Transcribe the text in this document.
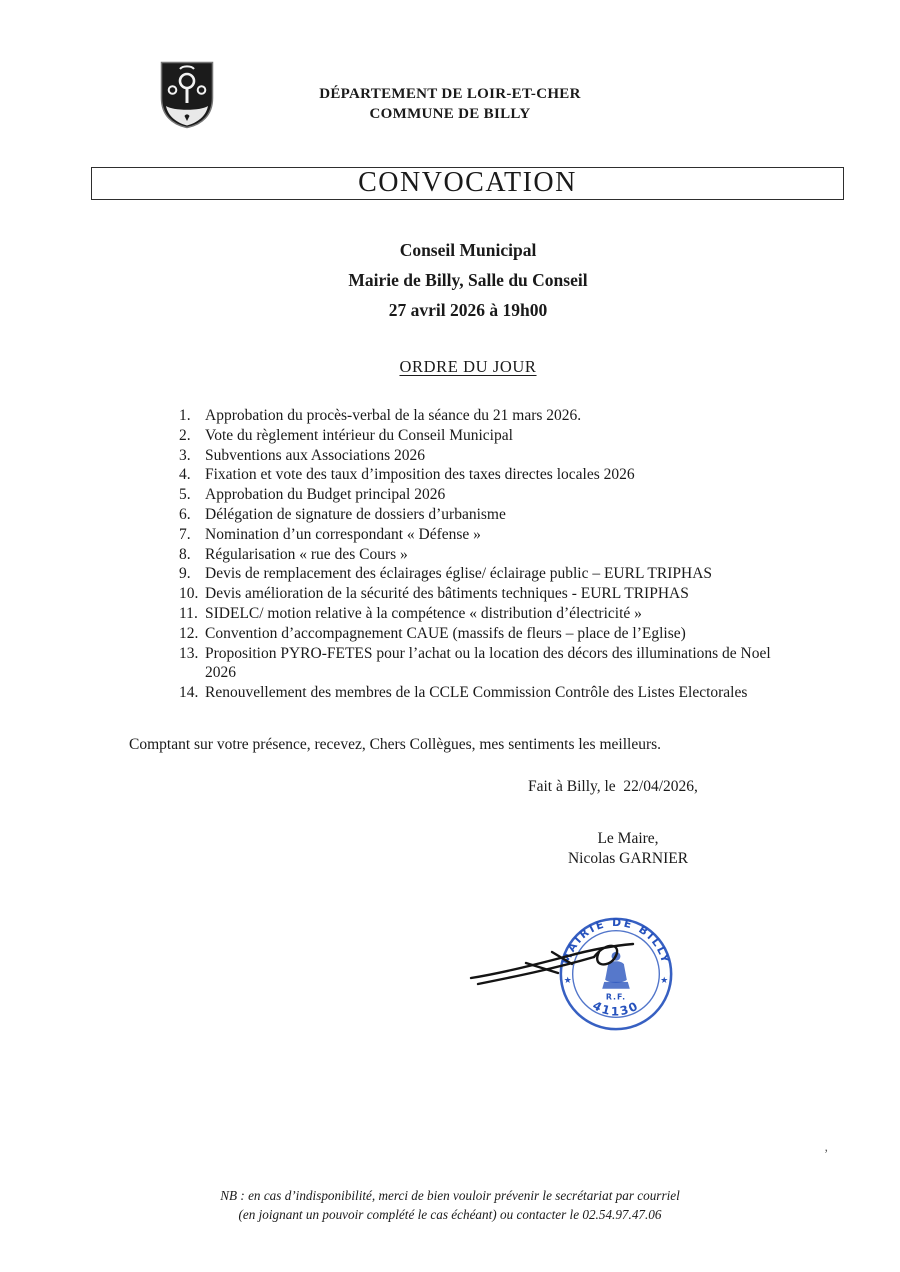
DÉPARTEMENT DE LOIR-ET-CHER
COMMUNE DE BILLY
CONVOCATION
Conseil Municipal
Mairie de Billy, Salle du Conseil
27 avril 2026 à 19h00
ORDRE DU JOUR
Approbation du procès-verbal de la séance du 21 mars 2026.
Vote du règlement intérieur du Conseil Municipal
Subventions aux Associations 2026
Fixation et vote des taux d’imposition des taxes directes locales 2026
Approbation du Budget principal 2026
Délégation de signature de dossiers d’urbanisme
Nomination d’un correspondant « Défense »
Régularisation « rue des Cours »
Devis de remplacement des éclairages église/ éclairage public – EURL TRIPHAS
Devis amélioration de la sécurité des bâtiments techniques - EURL TRIPHAS
SIDELC/ motion relative à la compétence « distribution d’électricité »
Convention d’accompagnement CAUE (massifs de fleurs – place de l’Eglise)
Proposition PYRO-FETES pour l’achat ou la location des décors des illuminations de Noel 2026
Renouvellement des membres de la CCLE Commission Contrôle des Listes Electorales
Comptant sur votre présence, recevez, Chers Collègues, mes sentiments les meilleurs.
Fait à Billy, le  22/04/2026,
Le Maire,
Nicolas GARNIER
MAIRIE DE BILLY
★	★
R.F.
41130
’
NB : en cas d’indisponibilité, merci de bien vouloir prévenir le secrétariat par courriel
(en joignant un pouvoir complété le cas échéant) ou contacter le 02.54.97.47.06
